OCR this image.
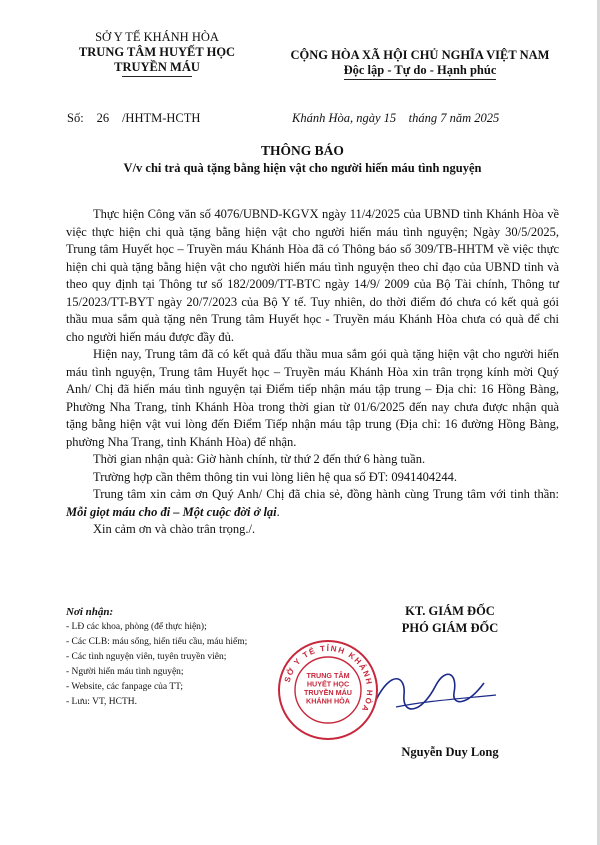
SỞ Y TẾ KHÁNH HÒA
TRUNG TÂM HUYẾT HỌC
TRUYỀN MÁU
Số: 26 /HHTM-HCTH
CỘNG HÒA XÃ HỘI CHỦ NGHĨA VIỆT NAM
Độc lập - Tự do - Hạnh phúc
Khánh Hòa, ngày 15 tháng 7 năm 2025
THÔNG BÁO
V/v chi trả quà tặng bằng hiện vật cho người hiến máu tình nguyện

Thực hiện Công văn số 4076/UBND-KGVX ngày 11/4/2025 của UBND tỉnh Khánh Hòa về việc thực hiện chi quà tặng bằng hiện vật cho người hiến máu tình nguyện; Ngày 30/5/2025, Trung tâm Huyết học – Truyền máu Khánh Hòa đã có Thông báo số 309/TB-HHTM về việc thực hiện chi quà tặng bằng hiện vật cho người hiến máu tình nguyện theo chỉ đạo của UBND tỉnh và theo quy định tại Thông tư số 182/2009/TT-BTC ngày 14/9/ 2009 của Bộ Tài chính, Thông tư 15/2023/TT-BYT ngày 20/7/2023 của Bộ Y tế. Tuy nhiên, do thời điểm đó chưa có kết quả gói thầu mua sắm quà tặng nên Trung tâm Huyết học - Truyền máu Khánh Hòa chưa có quà để chi cho người hiến máu được đầy đủ.

Hiện nay, Trung tâm đã có kết quả đấu thầu mua sắm gói quà tặng hiện vật cho người hiến máu tình nguyện, Trung tâm Huyết học – Truyền máu Khánh Hòa xin trân trọng kính mời Quý Anh/ Chị đã hiến máu tình nguyện tại Điểm tiếp nhận máu tập trung – Địa chỉ: 16 Hồng Bàng, Phường Nha Trang, tỉnh Khánh Hòa trong thời gian từ 01/6/2025 đến nay chưa được nhận quà tặng bằng hiện vật vui lòng đến Điểm Tiếp nhận máu tập trung (Địa chỉ: 16 đường Hồng Bàng, phường Nha Trang, tỉnh Khánh Hòa) để nhận.

Thời gian nhận quà: Giờ hành chính, từ thứ 2 đến thứ 6 hàng tuần.

Trường hợp cần thêm thông tin vui lòng liên hệ qua số ĐT: 0941404244.

Trung tâm xin cảm ơn Quý Anh/ Chị đã chia sẻ, đồng hành cùng Trung tâm với tinh thần: Mỗi giọt máu cho đi – Một cuộc đời ở lại.

Xin cảm ơn và chào trân trọng./.

Nơi nhận:
- LĐ các khoa, phòng (để thực hiện);
- Các CLB: máu sống, hiến tiểu cầu, máu hiếm;
- Các tình nguyện viên, tuyên truyền viên;
- Người hiến máu tình nguyện;
- Website, các fanpage của TT;
- Lưu: VT, HCTH.
KT. GIÁM ĐỐC
PHÓ GIÁM ĐỐC
SỞ Y TẾ TỈNH KHÁNH HÒA
TRUNG TÂM HUYẾT HỌC TRUYỀN MÁU KHÁNH HÒA
Nguyễn Duy Long
